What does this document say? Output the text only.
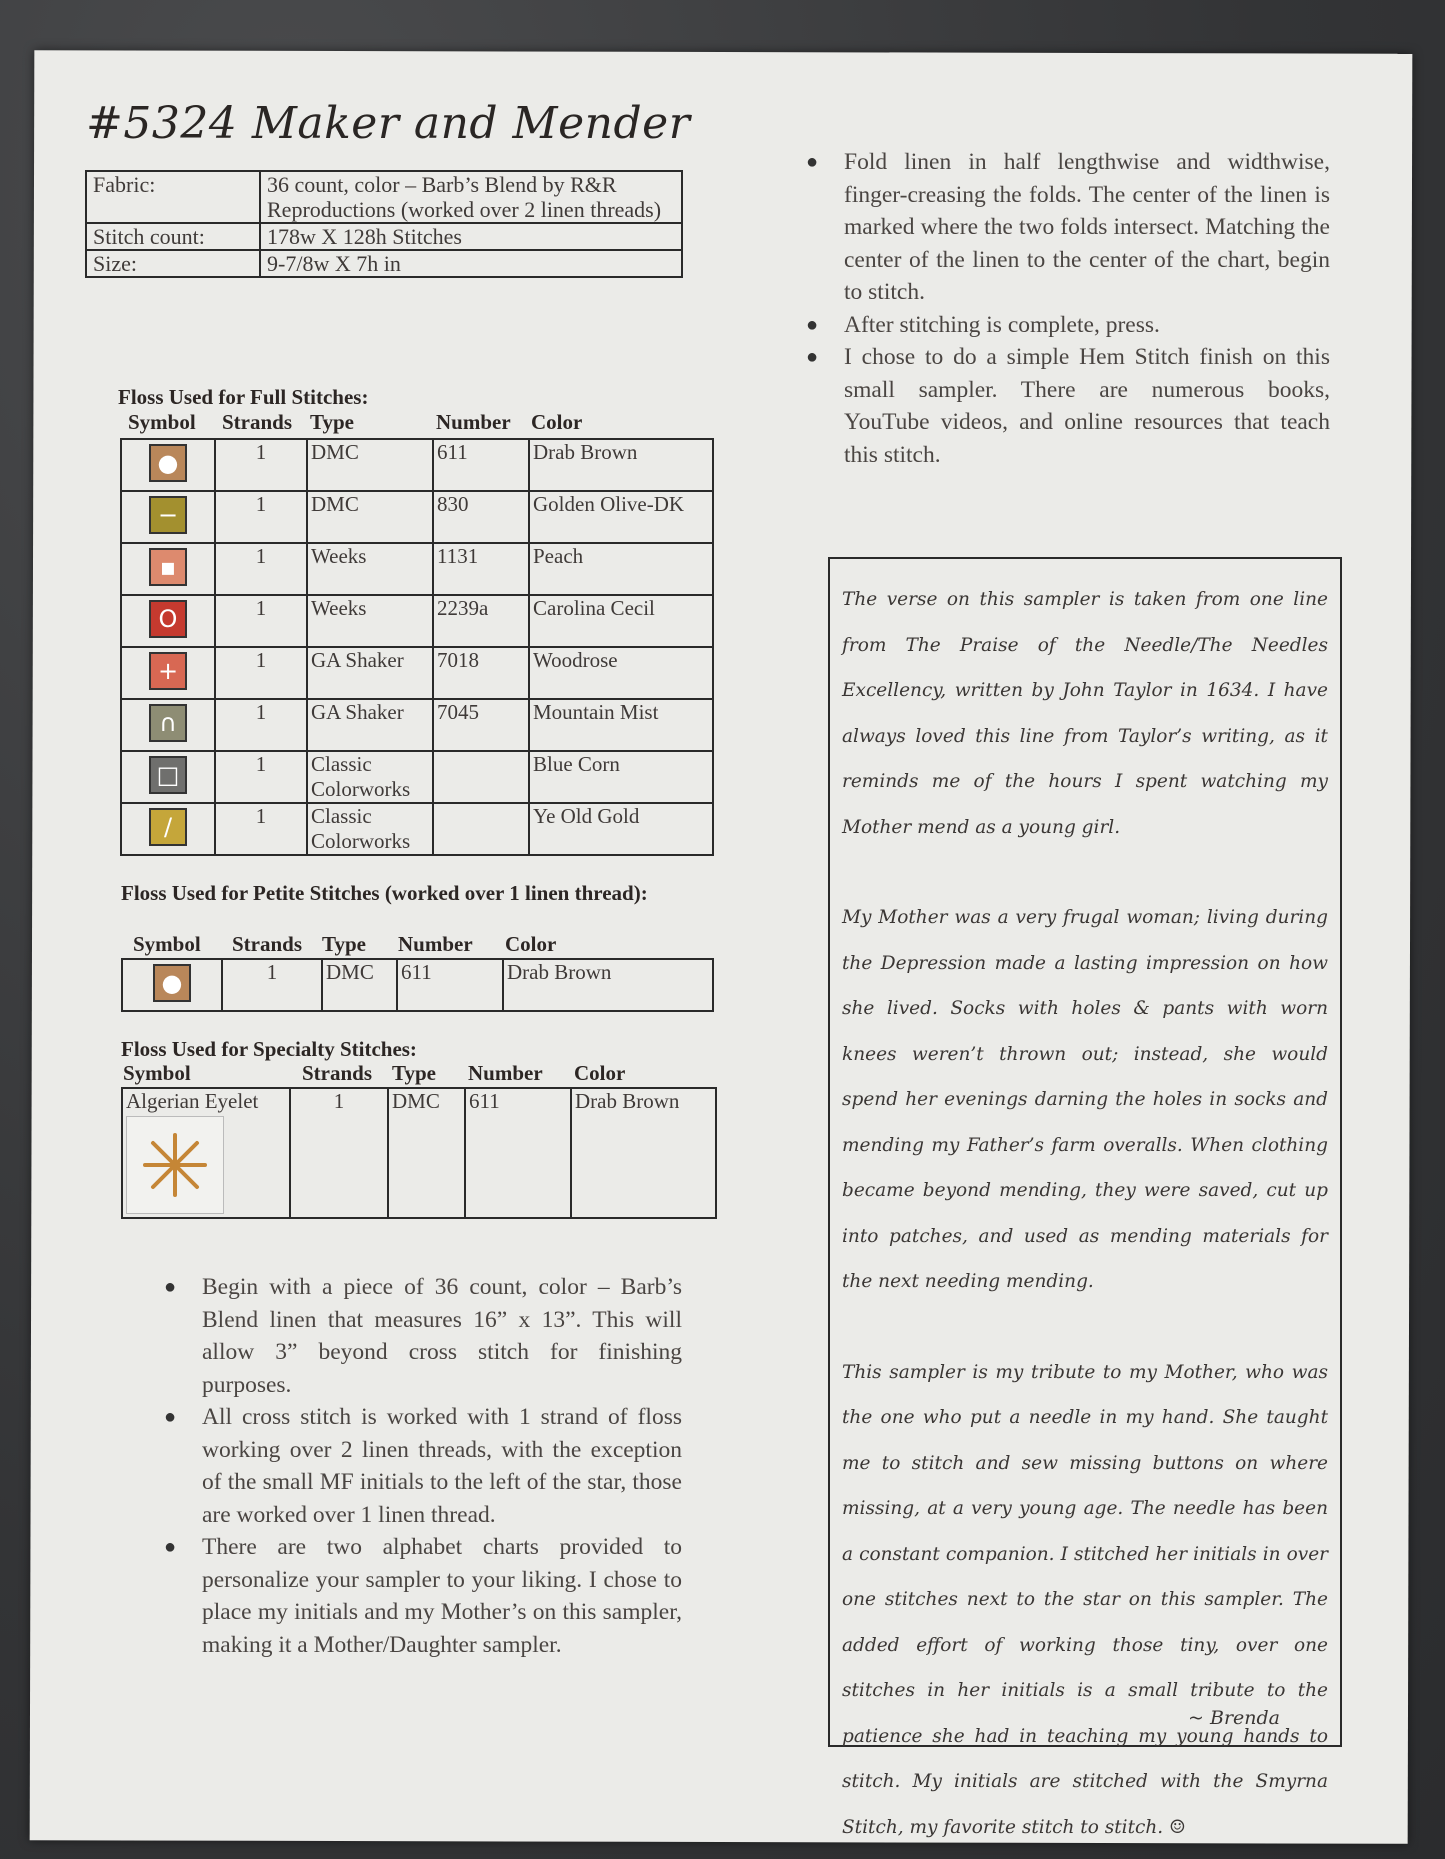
#5324 Maker and Mender
Fabric:	36 count, color – Barb’s Blend by R&R Reproductions (worked over 2 linen threads)
Stitch count:	178w X 128h Stitches
Size:	9-7/8w X 7h in
Floss Used for Full Stitches:
Symbol Strands Type	Number Color
●	1	DMC	611	Drab Brown

−	1	DMC	830	Golden Olive-DK

▪	1	Weeks	1131	Peach

O	1	Weeks	2239a	Carolina Cecil

+	1	GA Shaker	7018	Woodrose

∩	1	GA Shaker	7045	Mountain Mist

□	1	Classic Colorworks		Blue Corn

/	1	Classic Colorworks		Ye Old Gold
Floss Used for Petite Stitches (worked over 1 linen thread):
Symbol Strands Type Number Color
●	1	DMC	611	Drab Brown
Floss Used for Specialty Stitches:
Symbol	Strands Type Number Color
Algerian Eyelet	1	DMC	611	Drab Brown
● Begin with a piece of 36 count, color – Barb’s Blend linen that measures 16” x 13”. This will allow 3” beyond cross stitch for finishing purposes.
● All cross stitch is worked with 1 strand of floss working over 2 linen threads, with the exception of the small MF initials to the left of the star, those are worked over 1 linen thread.
● There are two alphabet charts provided to personalize your sampler to your liking. I chose to place my initials and my Mother’s on this sampler, making it a Mother/Daughter sampler.
● Fold linen in half lengthwise and widthwise, finger-creasing the folds. The center of the linen is marked where the two folds intersect. Matching the center of the linen to the center of the chart, begin to stitch.
● After stitching is complete, press.
● I chose to do a simple Hem Stitch finish on this small sampler. There are numerous books, YouTube videos, and online resources that teach this stitch.

The verse on this sampler is taken from one line from The Praise of the Needle/The Needles Excellency, written by John Taylor in 1634. I have always loved this line from Taylor’s writing, as it reminds me of the hours I spent watching my Mother mend as a young girl.

My Mother was a very frugal woman; living during the Depression made a lasting impression on how she lived. Socks with holes & pants with worn knees weren’t thrown out; instead, she would spend her evenings darning the holes in socks and mending my Father’s farm overalls. When clothing became beyond mending, they were saved, cut up into patches, and used as mending materials for the next needing mending.

This sampler is my tribute to my Mother, who was the one who put a needle in my hand. She taught me to stitch and sew missing buttons on where missing, at a very young age. The needle has been a constant companion. I stitched her initials in over one stitches next to the star on this sampler. The added effort of working those tiny, over one stitches in her initials is a small tribute to the patience she had in teaching my young hands to stitch. My initials are stitched with the Smyrna Stitch, my favorite stitch to stitch. ☺

~ Brenda
